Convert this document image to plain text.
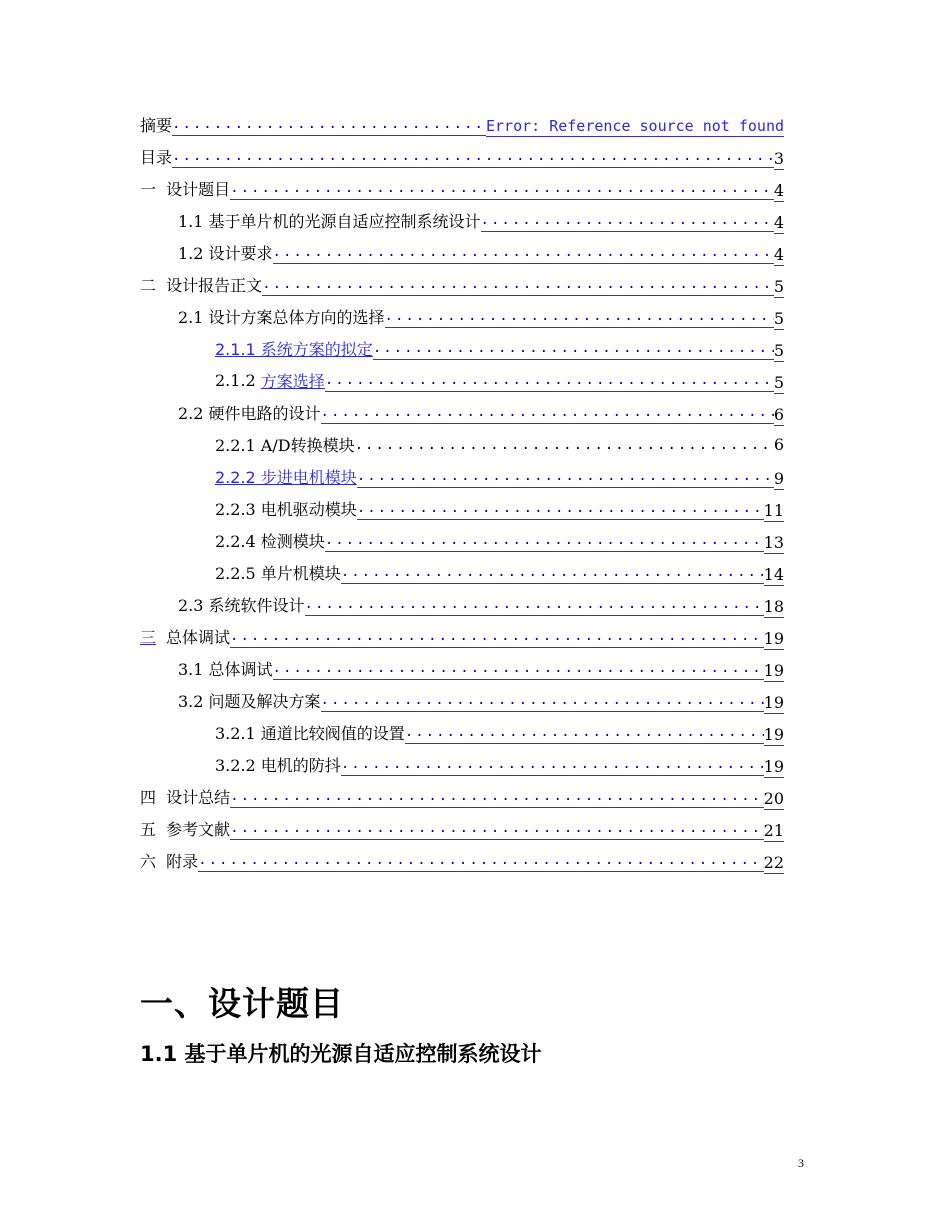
摘要 .....	Error: Reference source not found
目录 .....	3
一  设计题目 .....	4
1.1 基于单片机的光源自适应控制系统设计 .....	4
1.2 设计要求 .....	4
二  设计报告正文 .....	5
2.1 设计方案总体方向的选择 .....	5
2.1.1 系统方案的拟定 .....	5
2.1.2 方案选择 .....	5
2.2 硬件电路的设计 .....	6
2.2.1 A/D转换模块 .....	6
2.2.2 步进电机模块 .....	9
2.2.3 电机驱动模块 .....	11
2.2.4 检测模块 .....	13
2.2.5 单片机模块 .....	14
2.3 系统软件设计 .....	18
三 总体调试 .....	19
3.1 总体调试 .....	19
3.2 问题及解决方案 .....	19
3.2.1 通道比较阀值的设置 .....	19
3.2.2 电机的防抖 .....	19
四  设计总结 .....	20
五  参考文献 .....	21
六  附录 .....	22
一、设计题目
1.1 基于单片机的光源自适应控制系统设计
3
